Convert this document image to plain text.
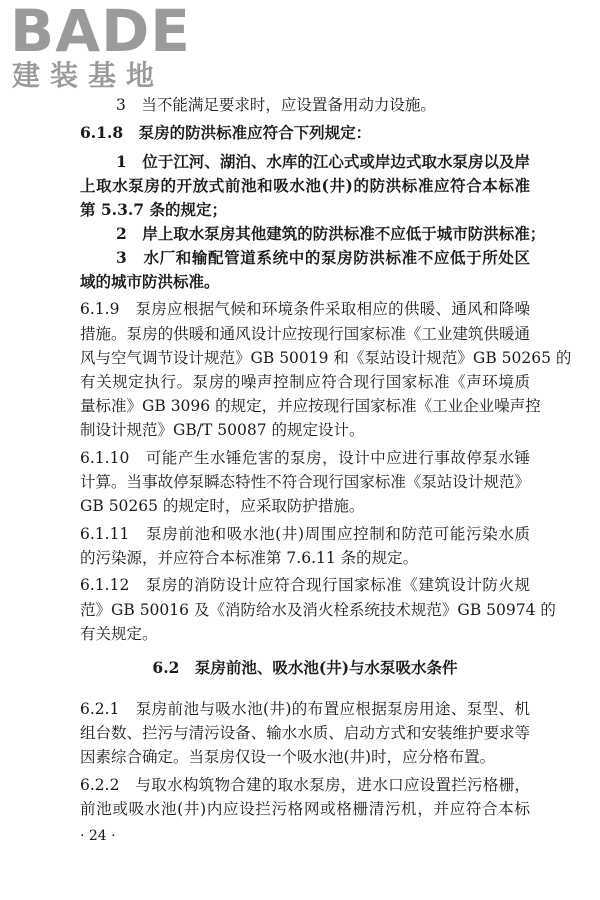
BADE
建装基地
3　当不能满足要求时，应设置备用动力设施。
6.1.8　泵房的防洪标准应符合下列规定：
1　位于江河、湖泊、水库的江心式或岸边式取水泵房以及岸
上取水泵房的开放式前池和吸水池(井)的防洪标准应符合本标准
第 5.3.7 条的规定；
2　岸上取水泵房其他建筑的防洪标准不应低于城市防洪标准；
3　水厂和输配管道系统中的泵房防洪标准不应低于所处区
域的城市防洪标准。
6.1.9　泵房应根据气候和环境条件采取相应的供暖、通风和降噪
措施。泵房的供暖和通风设计应按现行国家标准《工业建筑供暖通
风与空气调节设计规范》GB 50019 和《泵站设计规范》GB 50265 的
有关规定执行。泵房的噪声控制应符合现行国家标准《声环境质
量标准》GB 3096 的规定，并应按现行国家标准《工业企业噪声控
制设计规范》GB/T 50087 的规定设计。
6.1.10　可能产生水锤危害的泵房，设计中应进行事故停泵水锤
计算。当事故停泵瞬态特性不符合现行国家标准《泵站设计规范》
GB 50265 的规定时，应采取防护措施。
6.1.11　泵房前池和吸水池(井)周围应控制和防范可能污染水质
的污染源，并应符合本标准第 7.6.11 条的规定。
6.1.12　泵房的消防设计应符合现行国家标准《建筑设计防火规
范》GB 50016 及《消防给水及消火栓系统技术规范》GB 50974 的
有关规定。
6.2　泵房前池、吸水池(井)与水泵吸水条件
6.2.1　泵房前池与吸水池(井)的布置应根据泵房用途、泵型、机
组台数、拦污与清污设备、输水水质、启动方式和安装维护要求等
因素综合确定。当泵房仅设一个吸水池(井)时，应分格布置。
6.2.2　与取水构筑物合建的取水泵房，进水口应设置拦污格栅，
前池或吸水池(井)内应设拦污格网或格栅清污机，并应符合本标
· 24 ·
